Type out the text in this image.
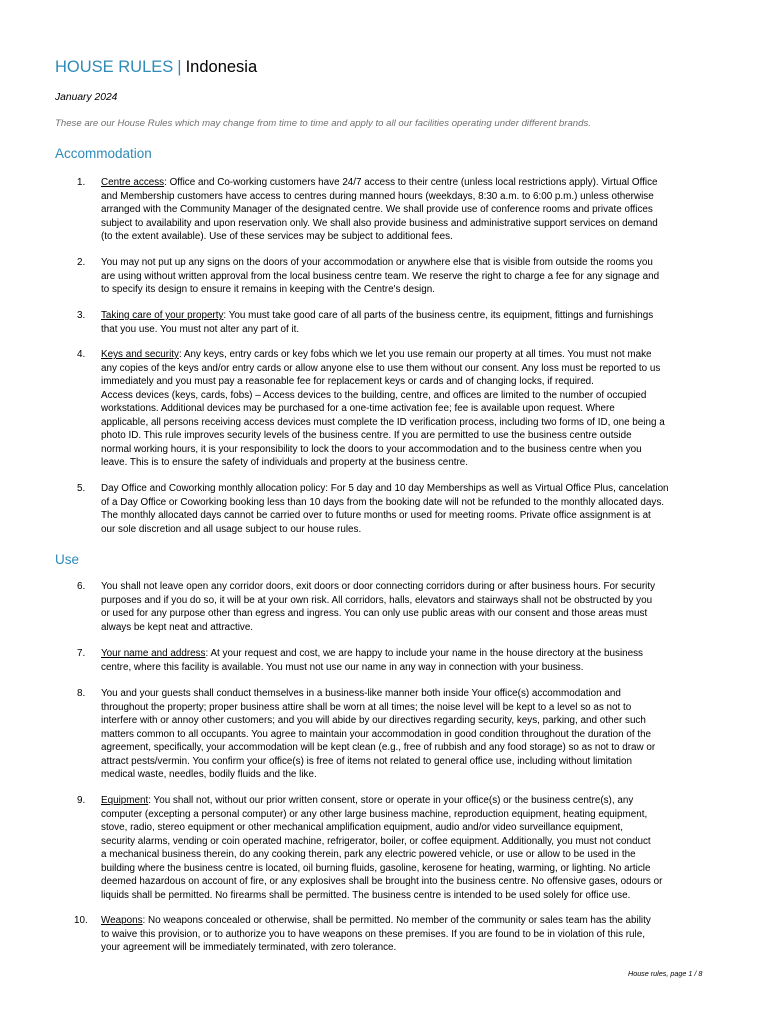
HOUSE RULES | Indonesia
January 2024
These are our House Rules which may change from time to time and apply to all our facilities operating under different brands.
Accommodation
1. Centre access: Office and Co-working customers have 24/7 access to their centre (unless local restrictions apply). Virtual Office
and Membership customers have access to centres during manned hours (weekdays, 8:30 a.m. to 6:00 p.m.) unless otherwise
arranged with the Community Manager of the designated centre. We shall provide use of conference rooms and private offices
subject to availability and upon reservation only. We shall also provide business and administrative support services on demand
(to the extent available). Use of these services may be subject to additional fees.
2. You may not put up any signs on the doors of your accommodation or anywhere else that is visible from outside the rooms you
are using without written approval from the local business centre team. We reserve the right to charge a fee for any signage and
to specify its design to ensure it remains in keeping with the Centre's design.
3. Taking care of your property: You must take good care of all parts of the business centre, its equipment, fittings and furnishings
that you use. You must not alter any part of it.
4. Keys and security: Any keys, entry cards or key fobs which we let you use remain our property at all times. You must not make
any copies of the keys and/or entry cards or allow anyone else to use them without our consent. Any loss must be reported to us
immediately and you must pay a reasonable fee for replacement keys or cards and of changing locks, if required.
Access devices (keys, cards, fobs) – Access devices to the building, centre, and offices are limited to the number of occupied
workstations. Additional devices may be purchased for a one-time activation fee; fee is available upon request. Where
applicable, all persons receiving access devices must complete the ID verification process, including two forms of ID, one being a
photo ID. This rule improves security levels of the business centre. If you are permitted to use the business centre outside
normal working hours, it is your responsibility to lock the doors to your accommodation and to the business centre when you
leave. This is to ensure the safety of individuals and property at the business centre.
5. Day Office and Coworking monthly allocation policy: For 5 day and 10 day Memberships as well as Virtual Office Plus, cancelation
of a Day Office or Coworking booking less than 10 days from the booking date will not be refunded to the monthly allocated days.
The monthly allocated days cannot be carried over to future months or used for meeting rooms. Private office assignment is at
our sole discretion and all usage subject to our house rules.
Use
6. You shall not leave open any corridor doors, exit doors or door connecting corridors during or after business hours. For security
purposes and if you do so, it will be at your own risk. All corridors, halls, elevators and stairways shall not be obstructed by you
or used for any purpose other than egress and ingress. You can only use public areas with our consent and those areas must
always be kept neat and attractive.
7. Your name and address: At your request and cost, we are happy to include your name in the house directory at the business
centre, where this facility is available. You must not use our name in any way in connection with your business.
8. You and your guests shall conduct themselves in a business-like manner both inside Your office(s) accommodation and
throughout the property; proper business attire shall be worn at all times; the noise level will be kept to a level so as not to
interfere with or annoy other customers; and you will abide by our directives regarding security, keys, parking, and other such
matters common to all occupants. You agree to maintain your accommodation in good condition throughout the duration of the
agreement, specifically, your accommodation will be kept clean (e.g., free of rubbish and any food storage) so as not to draw or
attract pests/vermin. You confirm your office(s) is free of items not related to general office use, including without limitation
medical waste, needles, bodily fluids and the like.
9. Equipment: You shall not, without our prior written consent, store or operate in your office(s) or the business centre(s), any
computer (excepting a personal computer) or any other large business machine, reproduction equipment, heating equipment,
stove, radio, stereo equipment or other mechanical amplification equipment, audio and/or video surveillance equipment,
security alarms, vending or coin operated machine, refrigerator, boiler, or coffee equipment. Additionally, you must not conduct
a mechanical business therein, do any cooking therein, park any electric powered vehicle, or use or allow to be used in the
building where the business centre is located, oil burning fluids, gasoline, kerosene for heating, warming, or lighting. No article
deemed hazardous on account of fire, or any explosives shall be brought into the business centre. No offensive gases, odours or
liquids shall be permitted. No firearms shall be permitted. The business centre is intended to be used solely for office use.
10. Weapons: No weapons concealed or otherwise, shall be permitted. No member of the community or sales team has the ability
to waive this provision, or to authorize you to have weapons on these premises. If you are found to be in violation of this rule,
your agreement will be immediately terminated, with zero tolerance.
House rules, page 1 / 8
